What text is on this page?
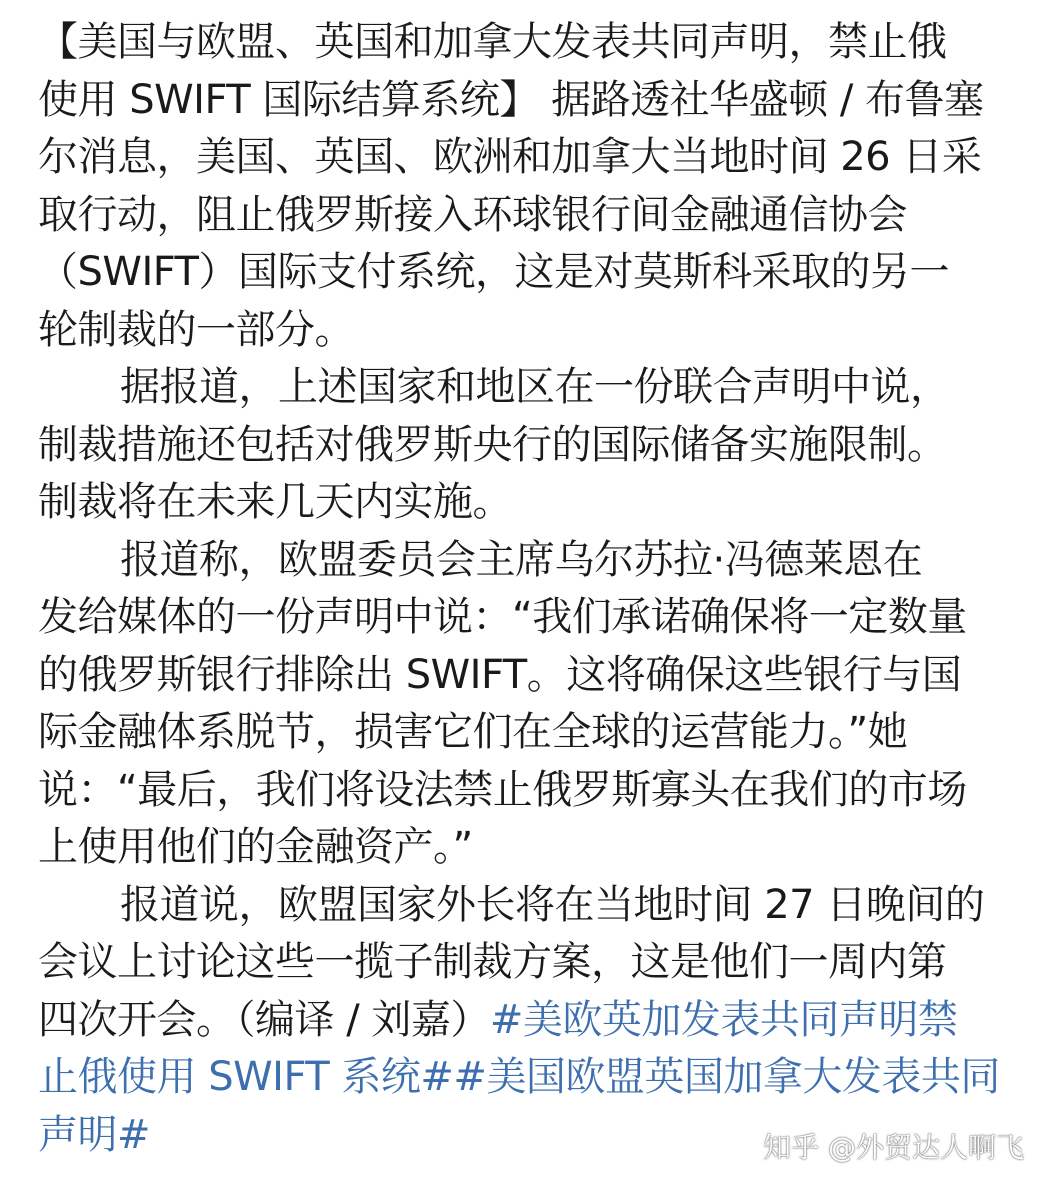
【美国与欧盟、英国和加拿大发表共同声明，禁止俄
使用 SWIFT 国际结算系统】 据路透社华盛顿 / 布鲁塞
尔消息，美国、英国、欧洲和加拿大当地时间 26 日采
取行动，阻止俄罗斯接入环球银行间金融通信协会
（SWIFT）国际支付系统，这是对莫斯科采取的另一
轮制裁的一部分。
据报道，上述国家和地区在一份联合声明中说，
制裁措施还包括对俄罗斯央行的国际储备实施限制。
制裁将在未来几天内实施。
报道称，欧盟委员会主席乌尔苏拉·冯德莱恩在
发给媒体的一份声明中说：“我们承诺确保将一定数量
的俄罗斯银行排除出 SWIFT。这将确保这些银行与国
际金融体系脱节，损害它们在全球的运营能力。”她
说：“最后，我们将设法禁止俄罗斯寡头在我们的市场
上使用他们的金融资产。”
报道说，欧盟国家外长将在当地时间 27 日晚间的
会议上讨论这些一揽子制裁方案，这是他们一周内第
四次开会。（编译 / 刘嘉）#美欧英加发表共同声明禁
止俄使用 SWIFT 系统##美国欧盟英国加拿大发表共同
声明#	知乎 @外贸达人啊飞
